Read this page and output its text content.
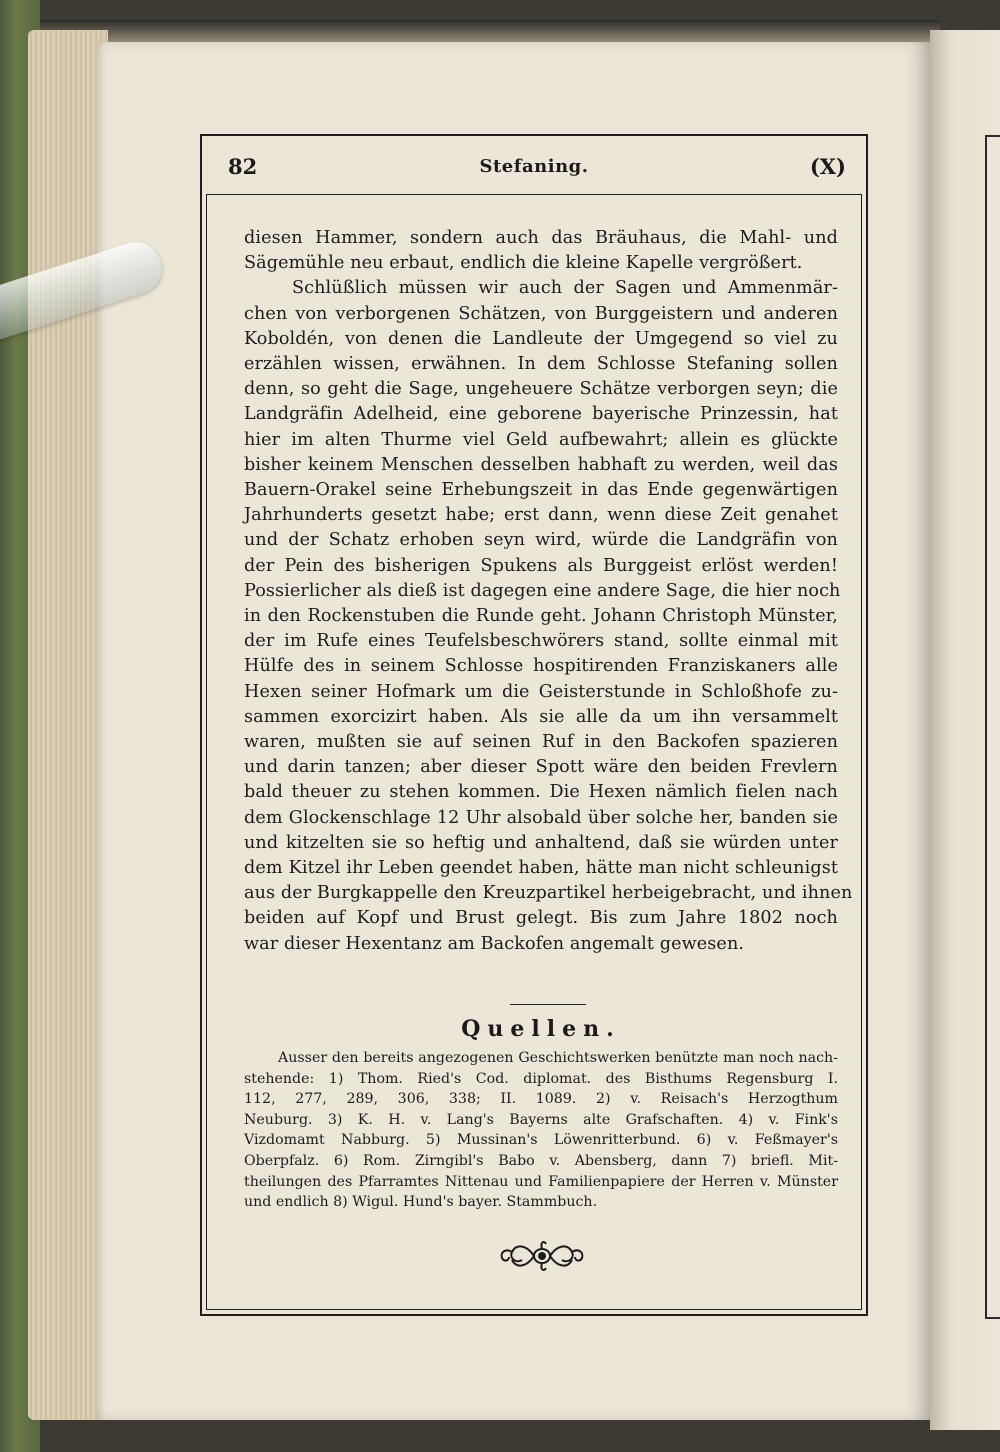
82	Stefaning.	(X)
diesen Hammer, sondern auch das Bräuhaus, die Mahl- und
Sägemühle neu erbaut, endlich die kleine Kapelle vergrößert.
Schlüßlich müssen wir auch der Sagen und Ammenmär-
chen von verborgenen Schätzen, von Burggeistern und anderen
Koboldén, von denen die Landleute der Umgegend so viel zu
erzählen wissen, erwähnen. In dem Schlosse Stefaning sollen
denn, so geht die Sage, ungeheuere Schätze verborgen seyn; die
Landgräfin Adelheid, eine geborene bayerische Prinzessin, hat
hier im alten Thurme viel Geld aufbewahrt; allein es glückte
bisher keinem Menschen desselben habhaft zu werden, weil das
Bauern-Orakel seine Erhebungszeit in das Ende gegenwärtigen
Jahrhunderts gesetzt habe; erst dann, wenn diese Zeit genahet
und der Schatz erhoben seyn wird, würde die Landgräfin von
der Pein des bisherigen Spukens als Burggeist erlöst werden!
Possierlicher als dieß ist dagegen eine andere Sage, die hier noch
in den Rockenstuben die Runde geht. Johann Christoph Münster,
der im Rufe eines Teufelsbeschwörers stand, sollte einmal mit
Hülfe des in seinem Schlosse hospitirenden Franziskaners alle
Hexen seiner Hofmark um die Geisterstunde in Schloßhofe zu-
sammen exorcizirt haben. Als sie alle da um ihn versammelt
waren, mußten sie auf seinen Ruf in den Backofen spazieren
und darin tanzen; aber dieser Spott wäre den beiden Frevlern
bald theuer zu stehen kommen. Die Hexen nämlich fielen nach
dem Glockenschlage 12 Uhr alsobald über solche her, banden sie
und kitzelten sie so heftig und anhaltend, daß sie würden unter
dem Kitzel ihr Leben geendet haben, hätte man nicht schleunigst
aus der Burgkappelle den Kreuzpartikel herbeigebracht, und ihnen
beiden auf Kopf und Brust gelegt. Bis zum Jahre 1802 noch
war dieser Hexentanz am Backofen angemalt gewesen.
Quellen.
Ausser den bereits angezogenen Geschichtswerken benützte man noch nach-
stehende: 1) Thom. Ried's Cod. diplomat. des Bisthums Regensburg I.
112, 277, 289, 306, 338; II. 1089. 2) v. Reisach's Herzogthum
Neuburg. 3) K. H. v. Lang's Bayerns alte Grafschaften. 4) v. Fink's
Vizdomamt Nabburg. 5) Mussinan's Löwenritterbund. 6) v. Feßmayer's
Oberpfalz. 6) Rom. Zirngibl's Babo v. Abensberg, dann 7) briefl. Mit-
theilungen des Pfarramtes Nittenau und Familienpapiere der Herren v. Münster
und endlich 8) Wigul. Hund's bayer. Stammbuch.
